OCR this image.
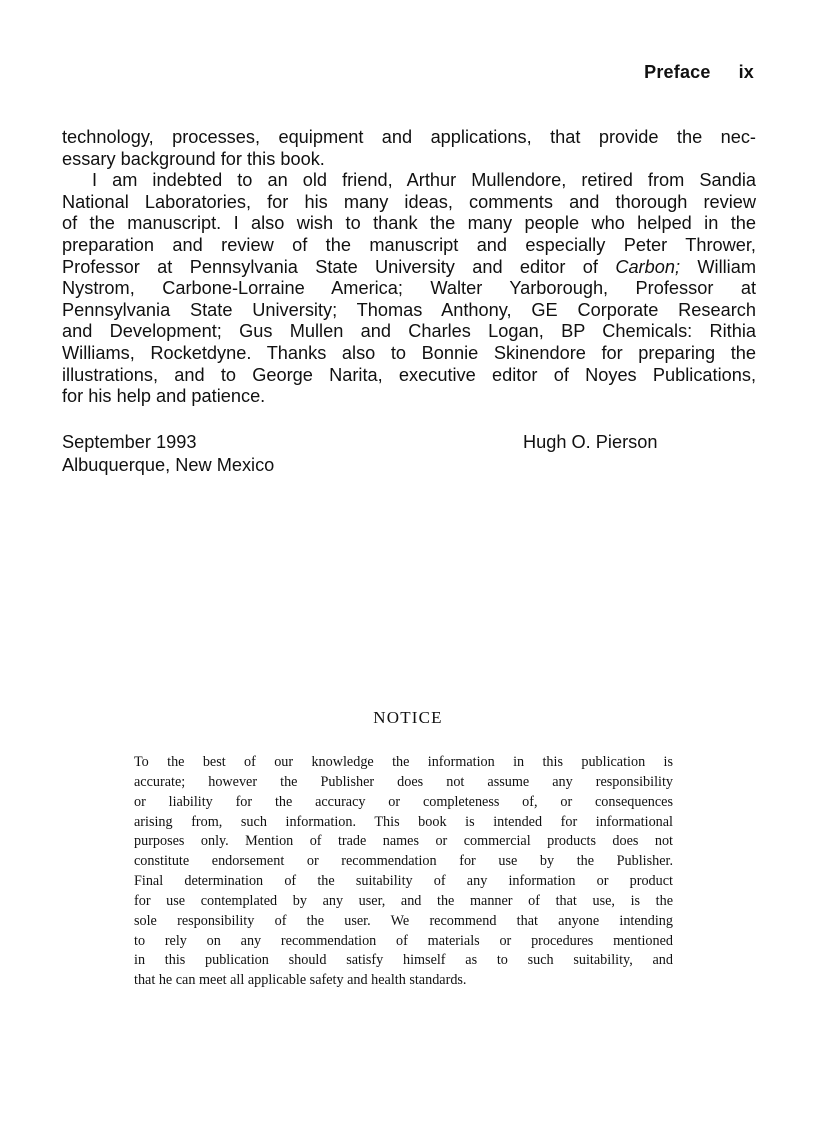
Preface ix
technology, processes, equipment and applications, that provide the nec-
essary background for this book.
I am indebted to an old friend, Arthur Mullendore, retired from Sandia
National Laboratories, for his many ideas, comments and thorough review
of the manuscript. I also wish to thank the many people who helped in the
preparation and review of the manuscript and especially Peter Thrower,
Professor at Pennsylvania State University and editor of Carbon; William
Nystrom, Carbone-Lorraine America; Walter Yarborough, Professor at
Pennsylvania State University; Thomas Anthony, GE Corporate Research
and Development; Gus Mullen and Charles Logan, BP Chemicals: Rithia
Williams, Rocketdyne. Thanks also to Bonnie Skinendore for preparing the
illustrations, and to George Narita, executive editor of Noyes Publications,
for his help and patience.
September 1993
Albuquerque, New Mexico
Hugh O. Pierson
NOTICE
To the best of our knowledge the information in this publication is
accurate; however the Publisher does not assume any responsibility
or liability for the accuracy or completeness of, or consequences
arising from, such information. This book is intended for informational
purposes only. Mention of trade names or commercial products does not
constitute endorsement or recommendation for use by the Publisher.
Final determination of the suitability of any information or product
for use contemplated by any user, and the manner of that use, is the
sole responsibility of the user. We recommend that anyone intending
to rely on any recommendation of materials or procedures mentioned
in this publication should satisfy himself as to such suitability, and
that he can meet all applicable safety and health standards.
